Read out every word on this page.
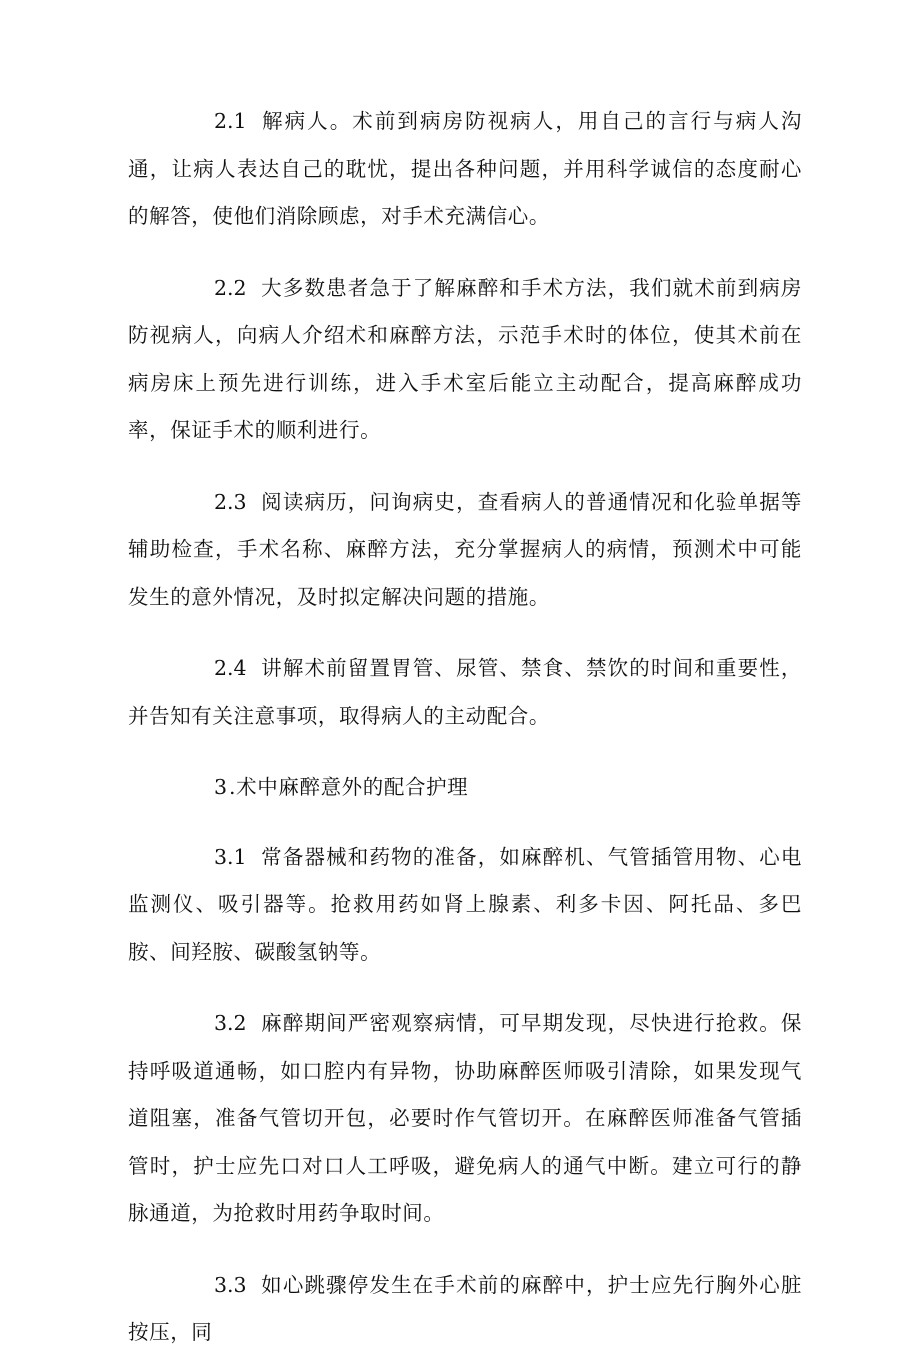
2.1 解病人。术前到病房防视病人，用自己的言行与病人沟通，让病人表达自己的耽忧，提出各种问题，并用科学诚信的态度耐心的解答，使他们消除顾虑，对手术充满信心。

2.2 大多数患者急于了解麻醉和手术方法，我们就术前到病房防视病人，向病人介绍术和麻醉方法，示范手术时的体位，使其术前在病房床上预先进行训练，进入手术室后能立主动配合，提高麻醉成功率，保证手术的顺利进行。

2.3 阅读病历，问询病史，查看病人的普通情况和化验单据等辅助检查，手术名称、麻醉方法，充分掌握病人的病情，预测术中可能发生的意外情况，及时拟定解决问题的措施。

2.4 讲解术前留置胃管、尿管、禁食、禁饮的时间和重要性，并告知有关注意事项，取得病人的主动配合。

3.术中麻醉意外的配合护理

3.1 常备器械和药物的准备，如麻醉机、气管插管用物、心电监测仪、吸引器等。抢救用药如肾上腺素、利多卡因、阿托品、多巴胺、间羟胺、碳酸氢钠等。

3.2 麻醉期间严密观察病情，可早期发现，尽快进行抢救。保持呼吸道通畅，如口腔内有异物，协助麻醉医师吸引清除，如果发现气道阻塞，准备气管切开包，必要时作气管切开。在麻醉医师准备气管插管时，护士应先口对口人工呼吸，避免病人的通气中断。建立可行的静脉通道，为抢救时用药争取时间。

3.3 如心跳骤停发生在手术前的麻醉中，护士应先行胸外心脏按压，同
